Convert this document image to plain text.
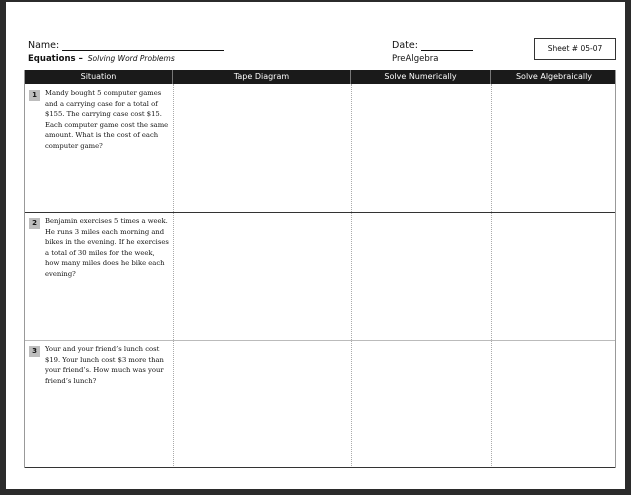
Name:
Equations – Solving Word Problems
Date:
PreAlgebra
Sheet # 05-07
Situation	Tape Diagram	Solve Numerically	Solve Algebraically
1	Mandy bought 5 computer games and a carrying case for a total of $155. The carrying case cost $15. Each computer game cost the same amount. What is the cost of each computer game?
2	Benjamin exercises 5 times a week. He runs 3 miles each morning and bikes in the evening. If he exercises a total of 30 miles for the week, how many miles does he bike each evening?
3	Your and your friend’s lunch cost $19. Your lunch cost $3 more than your friend’s. How much was your friend’s lunch?
